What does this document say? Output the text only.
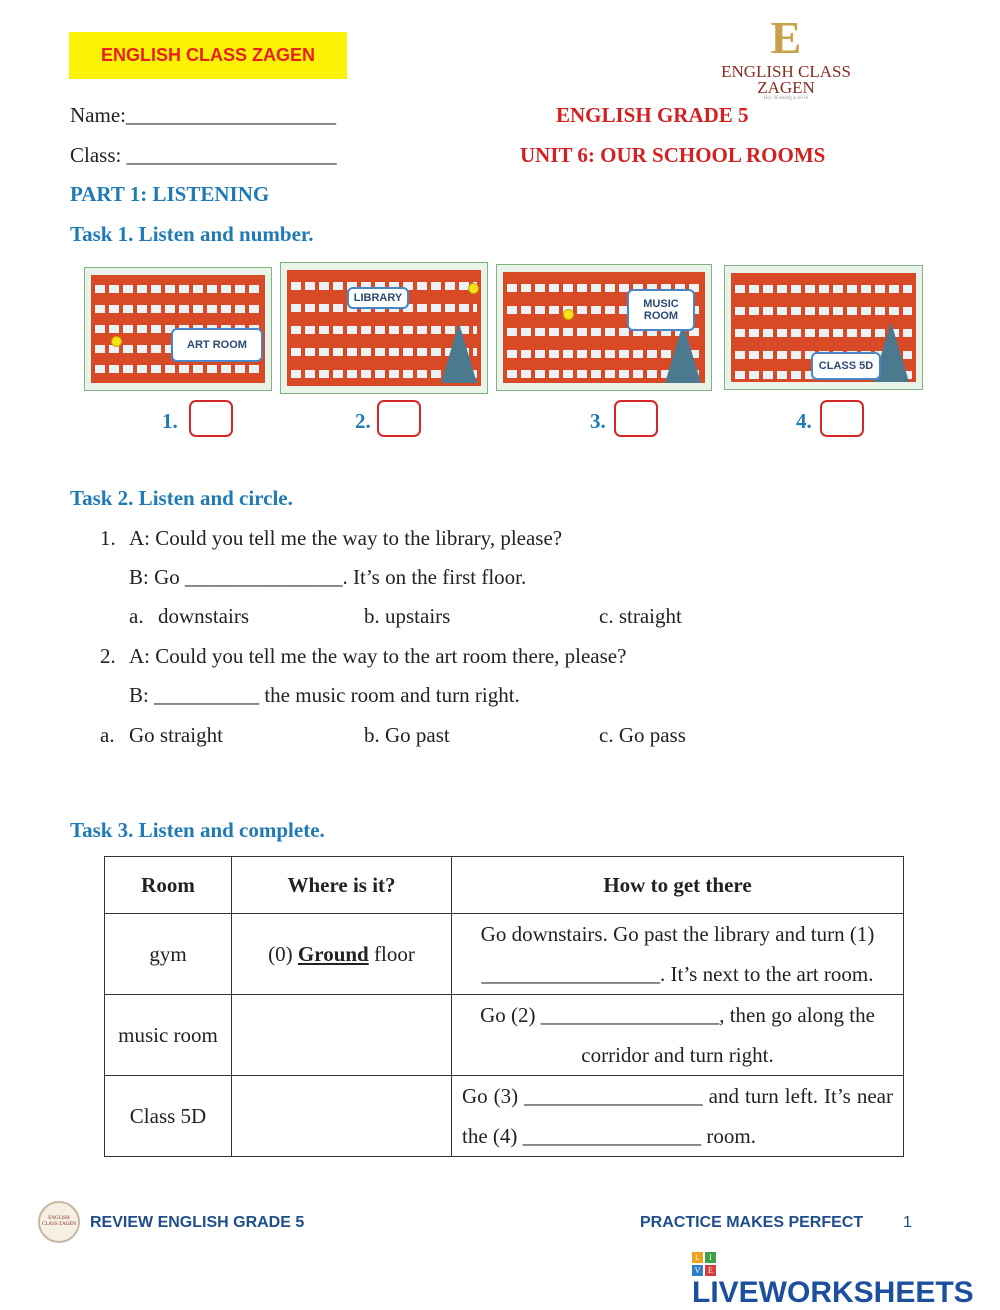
ENGLISH CLASS ZAGEN	E
ENGLISH CLASS ZAGEN
Học để không ai bỏ lỡ
Name:____________________	ENGLISH GRADE 5
Class: ____________________	UNIT 6: OUR SCHOOL ROOMS
PART 1: LISTENING
Task 1. Listen and number.
ART ROOM
LIBRARY	MUSIC ROOM
CLASS 5D
1.	2.	3.	4.
Task 2. Listen and circle.
1. A: Could you tell me the way to the library, please?
B: Go _______________. It’s on the first floor.
a. downstairs	b. upstairs	c. straight
2. A: Could you tell me the way to the art room there, please?
B: __________ the music room and turn right.
a. Go straight	b. Go past	c. Go pass
Task 3. Listen and complete.
Room	Where is it?	How to get there
gym	(0) Ground floor	Go downstairs. Go past the library and turn (1) _________________. It’s next to the art room.
music room		Go (2) _________________, then go along the corridor and turn right.
Class 5D		Go (3) _________________ and turn left. It’s near the (4) _________________ room.
ENGLISH CLASS ZAGEN REVIEW ENGLISH GRADE 5	PRACTICE MAKES PERFECT 1
L	I
V E
LIVEWORKSHEETS
